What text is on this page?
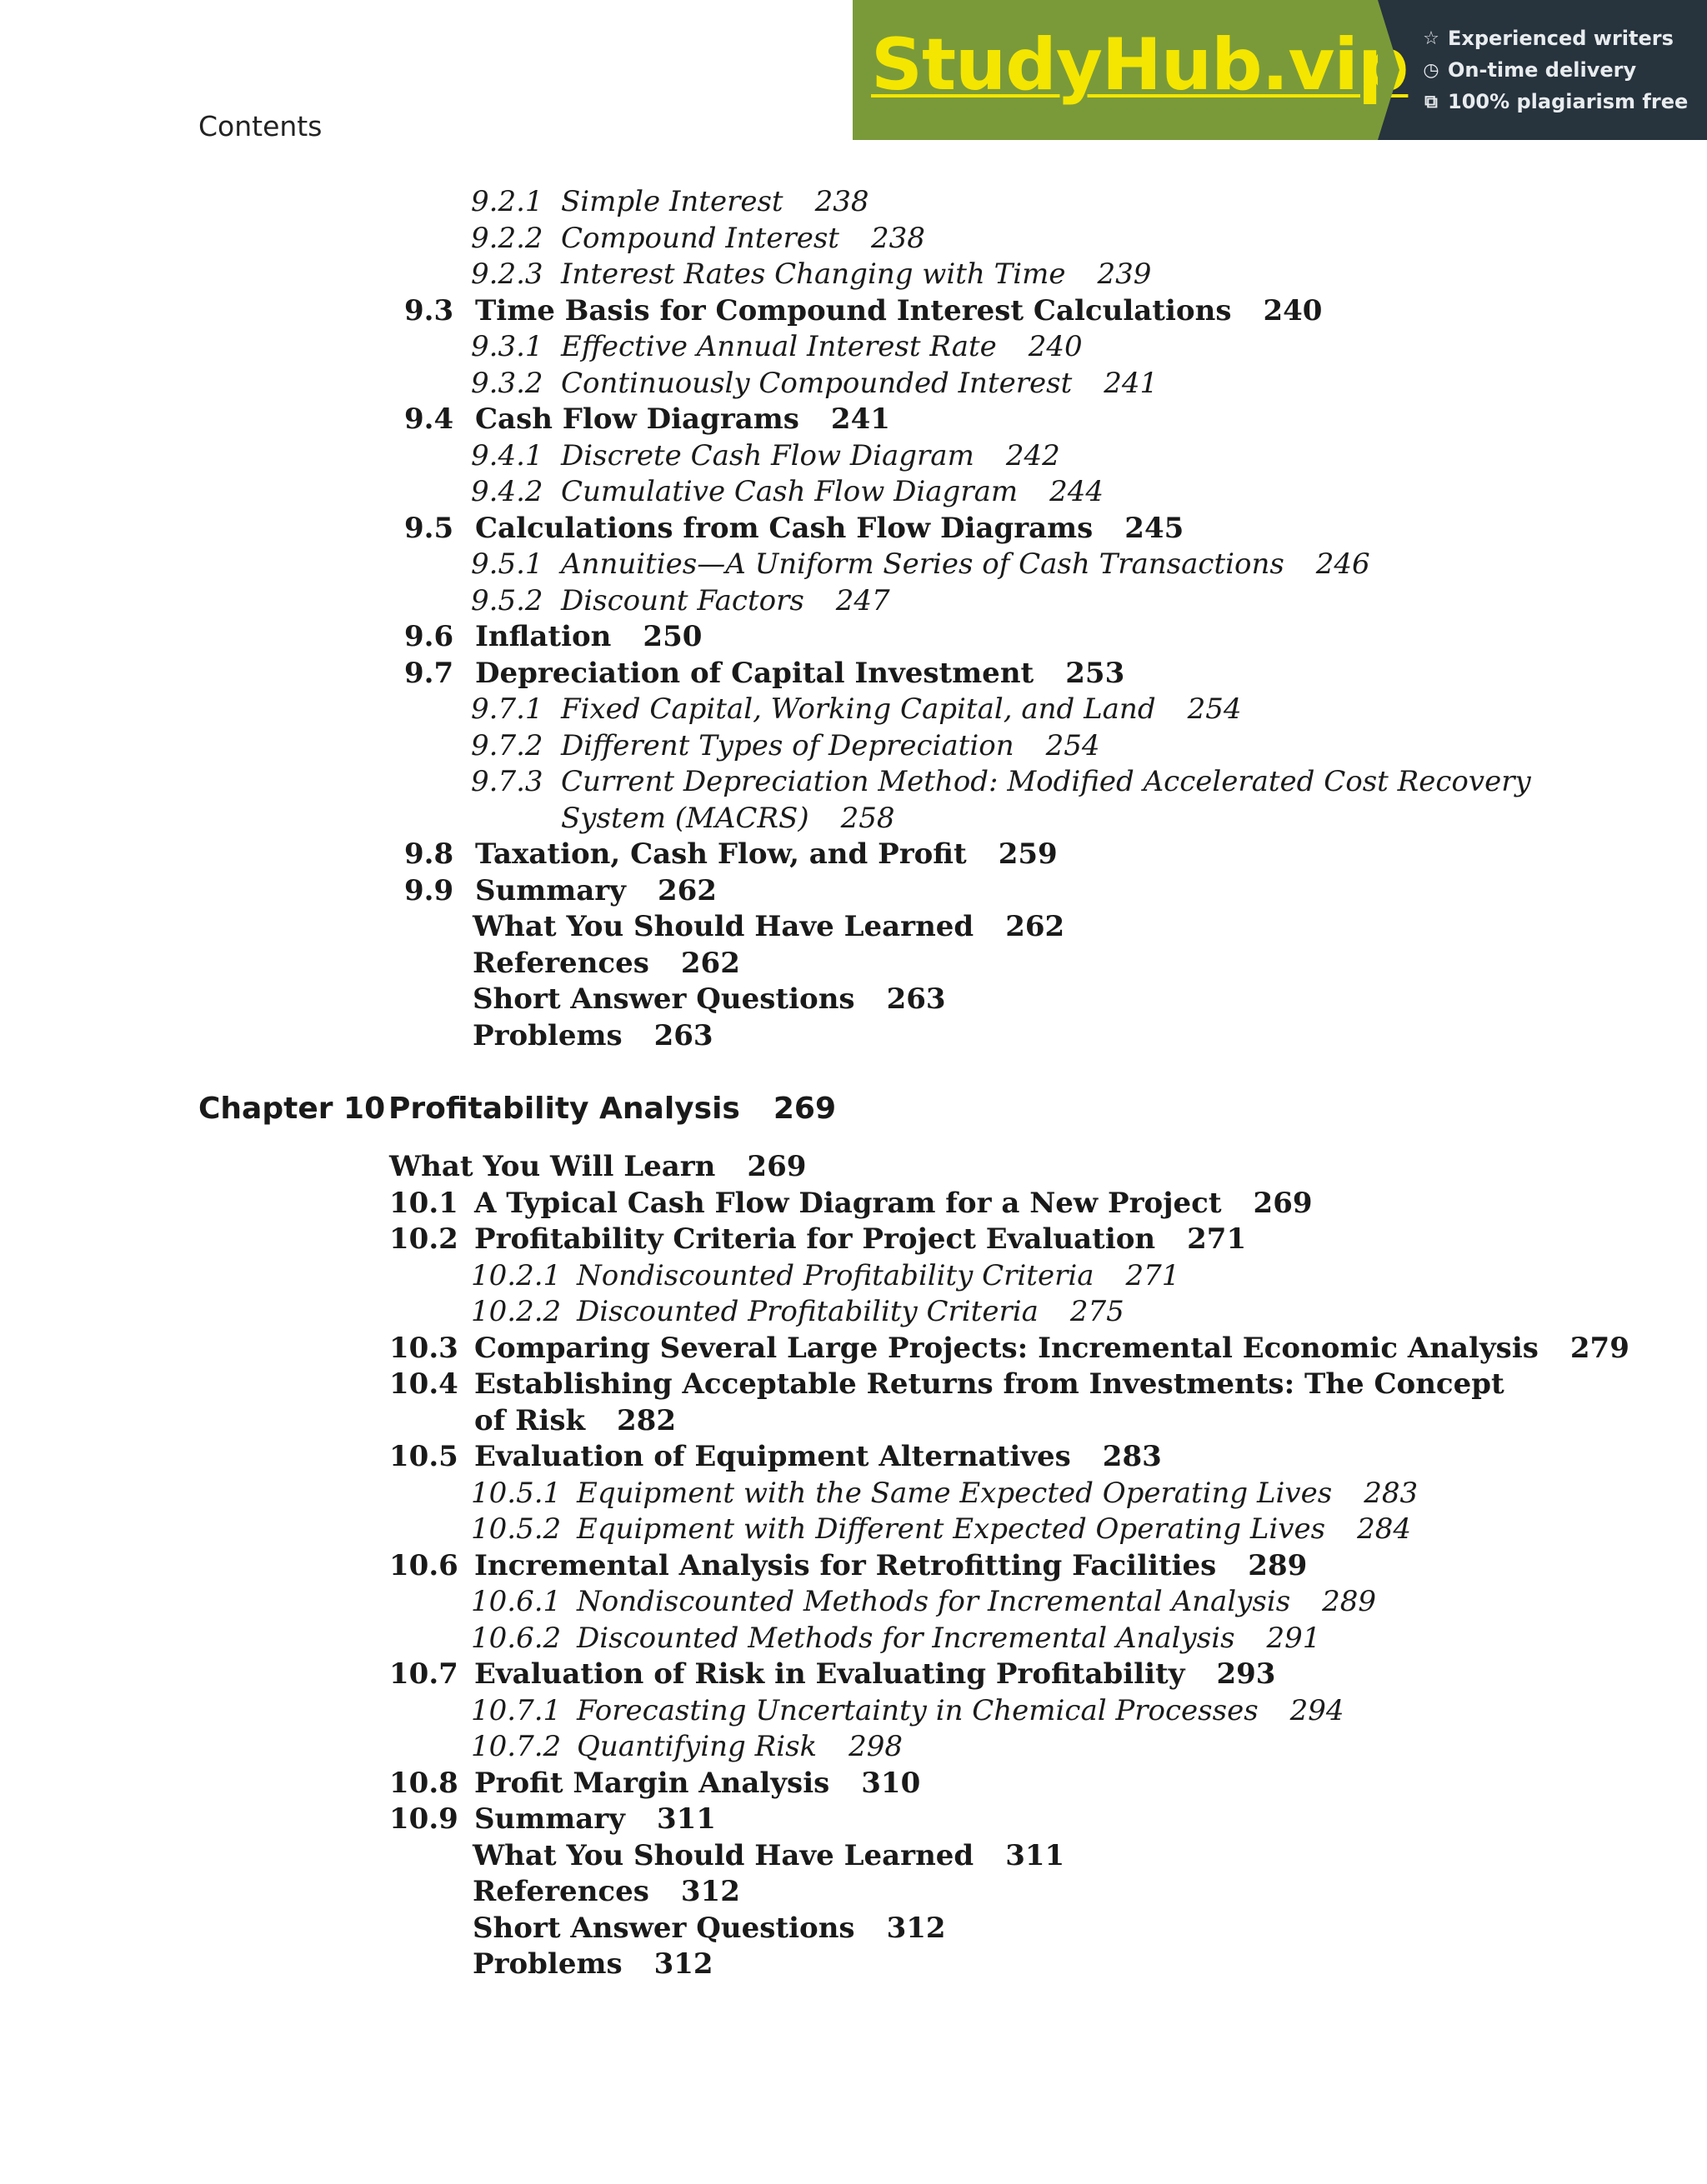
Contents
StudyHub.vip ☆ Experienced writers
◷ On-time delivery
⧉ 100% plagiarism free
9.2.1 Simple Interest 238
9.2.2 Compound Interest 238
9.2.3 Interest Rates Changing with Time 239
9.3 Time Basis for Compound Interest Calculations 240
9.3.1 Effective Annual Interest Rate 240
9.3.2 Continuously Compounded Interest 241
9.4 Cash Flow Diagrams 241
9.4.1 Discrete Cash Flow Diagram 242
9.4.2 Cumulative Cash Flow Diagram 244
9.5 Calculations from Cash Flow Diagrams 245
9.5.1 Annuities—A Uniform Series of Cash Transactions 246
9.5.2 Discount Factors 247
9.6 Inflation 250
9.7 Depreciation of Capital Investment 253
9.7.1 Fixed Capital, Working Capital, and Land 254
9.7.2 Different Types of Depreciation 254
9.7.3 Current Depreciation Method: Modified Accelerated Cost Recovery
System (MACRS) 258
9.8 Taxation, Cash Flow, and Profit 259
9.9 Summary 262
What You Should Have Learned 262
References 262
Short Answer Questions 263
Problems 263
What You Will Learn 269
10.1 A Typical Cash Flow Diagram for a New Project 269
10.2 Profitability Criteria for Project Evaluation 271
10.2.1 Nondiscounted Profitability Criteria 271
10.2.2 Discounted Profitability Criteria 275
10.3 Comparing Several Large Projects: Incremental Economic Analysis 279
10.4 Establishing Acceptable Returns from Investments: The Concept
of Risk 282
10.5 Evaluation of Equipment Alternatives 283
10.5.1 Equipment with the Same Expected Operating Lives 283
10.5.2 Equipment with Different Expected Operating Lives 284
10.6 Incremental Analysis for Retrofitting Facilities 289
10.6.1 Nondiscounted Methods for Incremental Analysis 289
10.6.2 Discounted Methods for Incremental Analysis 291
10.7 Evaluation of Risk in Evaluating Profitability 293
10.7.1 Forecasting Uncertainty in Chemical Processes 294
10.7.2 Quantifying Risk 298
10.8 Profit Margin Analysis 310
10.9 Summary 311
What You Should Have Learned 311
References 312
Short Answer Questions 312
Problems 312
Chapter 10 Profitability Analysis 269
